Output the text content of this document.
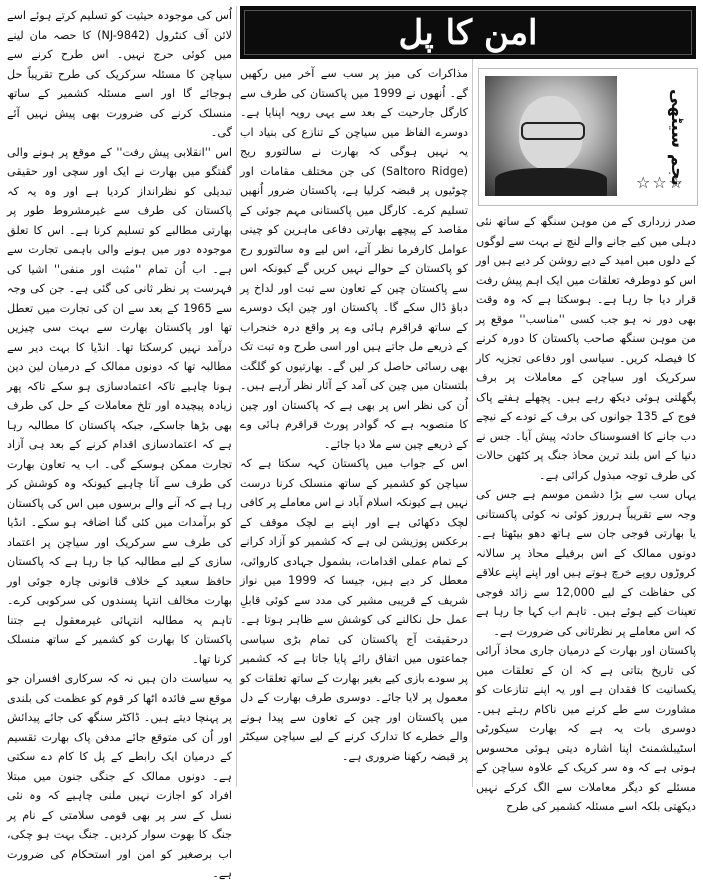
امن کا پل
نجم سیٹھی
☆☆☆

صدر زرداری کے من موہن سنگھ کے ساتھ نئی دہلی میں کیے جانے والے لنچ نے بہت سے لوگوں کے دلوں میں امید کے دیے روشن کر دیے ہیں اور اس کو دوطرفہ تعلقات میں ایک اہم پیش رفت قرار دیا جا رہا ہے۔ ہوسکتا ہے کہ وہ وقت بھی دور نہ ہو جب کسی ''مناسب'' موقع پر من موہن سنگھ صاحب پاکستان کا دورہ کرنے کا فیصلہ کریں۔ سیاسی اور دفاعی تجزیہ کار سرکریک اور سیاچن کے معاملات پر برف پگھلتی ہوئی دیکھ رہے ہیں۔ پچھلے ہفتے پاک فوج کے 135 جوانوں کی برف کے تودے کے نیچے دب جانے کا افسوسناک حادثہ پیش آیا۔ جس نے دنیا کے اس بلند ترین محاذ جنگ پر کٹھن حالات کی طرف توجہ مبذول کرائی ہے۔

یہاں سب سے بڑا دشمن موسم ہے جس کی وجہ سے تقریباً ہرروز کوئی نہ کوئی پاکستانی یا بھارتی فوجی جان سے ہاتھ دھو بیٹھتا ہے۔ دونوں ممالک کے اس برفیلے محاذ پر سالانہ کروڑوں روپے خرچ ہوتے ہیں اور اپنے اپنے علاقے کی حفاظت کے لیے 12,000 سے زائد فوجی تعینات کیے ہوئے ہیں۔ تاہم اب کہا جا رہا ہے کہ اس معاملے پر نظرثانی کی ضرورت ہے۔

پاکستان اور بھارت کے درمیان جاری محاذ آرائی کی تاریخ بتاتی ہے کہ ان کے تعلقات میں یکسانیت کا فقدان ہے اور یہ اپنے تنازعات کو مشاورت سے طے کرنے میں ناکام رہتے ہیں۔ دوسری بات یہ ہے کہ بھارت سیکورٹی اسٹیبلشمنٹ اپنا اشارہ دیتی ہوئی محسوس ہوتی ہے کہ وہ سر کریک کے علاوہ سیاچن کے مسئلے کو دیگر معاملات سے الگ کرکے نہیں دیکھتی بلکہ اسے مسئلہ کشمیر کی طرح

مذاکرات کی میز پر سب سے آخر میں رکھیں گے۔ اُنھوں نے 1999 میں پاکستان کی طرف سے کارگل جارحیت کے بعد سے یہی رویہ اپنایا ہے۔ دوسرے الفاظ میں سیاچن کے تنازع کی بنیاد اب یہ نہیں ہوگی کہ بھارت نے سالتورو ریج (Saltoro Ridge) کی جن مختلف مقامات اور چوٹیوں پر قبضہ کرلیا ہے، پاکستان ضرور اُنھیں تسلیم کرے۔ کارگل میں پاکستانی مہم جوئی کے مقاصد کے پیچھے بھارتی دفاعی ماہرین کو چینی عوامل کارفرما نظر آتے، اس لیے وہ سالتورو رج کو پاکستان کے حوالے نہیں کریں گے کیونکہ اس سے پاکستان چین کے تعاون سے تبت اور لداخ پر دباؤ ڈال سکے گا۔ پاکستان اور چین ایک دوسرے کے ساتھ قراقرم ہائی وے پر واقع درہ خنجراب کے ذریعے مل جاتے ہیں اور اسی طرح وہ تبت تک بھی رسائی حاصل کر لیں گے۔ بھارتیوں کو گلگت بلتستان میں چین کی آمد کے آثار نظر آرہے ہیں۔ اُن کی نظر اس پر بھی ہے کہ پاکستان اور چین کا منصوبہ ہے کہ گوادر پورٹ قراقرم ہائی وے کے ذریعے چین سے ملا دیا جائے۔

اس کے جواب میں پاکستان کہہ سکتا ہے کہ سیاچن کو کشمیر کے ساتھ منسلک کرنا درست نہیں ہے کیونکہ اسلام آباد نے اس معاملے پر کافی لچک دکھائی ہے اور اپنے بے لچک موقف کے برعکس پوزیشن لی ہے کہ کشمیر کو آزاد کرانے کے تمام عملی اقدامات، بشمول جہادی کاروائی، معطل کر دیے ہیں، جیسا کہ 1999 میں نواز شریف کے قریبی مشیر کی مدد سے کوئی قابلِ عمل حل نکالنے کی کوشش سے ظاہر ہوتا ہے۔ درحقیقت آج پاکستان کی تمام بڑی سیاسی جماعتوں میں اتفاق رائے پایا جاتا ہے کہ کشمیر پر سودے بازی کیے بغیر بھارت کے ساتھ تعلقات کو معمول پر لایا جائے۔ دوسری طرف بھارت کے دل میں پاکستان اور چین کے تعاون سے پیدا ہونے والے خطرے کا تدارک کرنے کے لیے سیاچن سیکٹر پر قبضہ رکھنا ضروری ہے۔

اُس کی موجودہ حیثیت کو تسلیم کرتے ہوئے اسے لائن آف کنٹرول (NJ-9842) کا حصہ مان لینے میں کوئی حرج نہیں۔ اس طرح کرنے سے سیاچن کا مسئلہ سرکریک کی طرح تقریباً حل ہوجائے گا اور اسے مسئلہ کشمیر کے ساتھ منسلک کرنے کی ضرورت بھی پیش نہیں آئے گی۔

اس ''انقلابی پیش رفت'' کے موقع پر ہونے والی گفتگو میں بھارت نے ایک اور سچی اور حقیقی تبدیلی کو نظرانداز کردیا ہے اور وہ یہ کہ پاکستان کی طرف سے غیرمشروط طور پر بھارتی مطالبے کو تسلیم کرنا ہے۔ اس کا تعلق موجودہ دور میں ہونے والی باہمی تجارت سے ہے۔ اب اُن تمام ''مثبت اور منفی'' اشیا کی فہرست پر نظر ثانی کی گئی ہے۔ جن کی وجہ سے 1965 کے بعد سے ان کی تجارت میں تعطل تھا اور پاکستان بھارت سے بہت سی چیزیں درآمد نہیں کرسکتا تھا۔ انڈیا کا بہت دیر سے مطالبہ تھا کہ دونوں ممالک کے درمیان لین دین ہونا چاہیے تاکہ اعتمادسازی ہو سکے تاکہ پھر زیادہ پیچیدہ اور تلخ معاملات کے حل کی طرف بھی بڑھا جاسکے، جبکہ پاکستان کا مطالبہ رہا ہے کہ اعتمادسازی اقدام کرنے کے بعد ہی آزاد تجارت ممکن ہوسکے گی۔ اب یہ تعاون بھارت کی طرف سے آنا چاہیے کیونکہ وہ کوشش کر رہا ہے کہ آنے والے برسوں میں اس کی پاکستان کو برآمدات میں کئی گنا اضافہ ہو سکے۔ انڈیا کی طرف سے سرکریک اور سیاچن پر اعتماد سازی کے لیے مطالبہ کیا جا رہا ہے کہ پاکستان حافظ سعید کے خلاف قانونی چارہ جوئی اور بھارت مخالف انتہا پسندوں کی سرکوبی کرے۔ تاہم یہ مطالبہ انتہائی غیرمعقول ہے جتنا پاکستان کا بھارت کو کشمیر کے ساتھ منسلک کرنا تھا۔

یہ سیاست دان ہیں نہ کہ سرکاری افسران جو موقع سے فائدہ اٹھا کر قوم کو عظمت کی بلندی پر پہنچا دیتے ہیں۔ ڈاکٹر سنگھ کی جائے پیدائش اور اُن کی متوقع جائے مدفن پاک بھارت تقسیم کے درمیان ایک رابطے کے پل کا کام دے سکتی ہے۔ دونوں ممالک کے جنگی جنون میں مبتلا افراد کو اجازت نہیں ملنی چاہیے کہ وہ نئی نسل کے سر پر بھی قومی سلامتی کے نام پر جنگ کا بھوت سوار کردیں۔ جنگ بہت ہو چکی، اب برصغیر کو امن اور استحکام کی ضرورت ہے۔
